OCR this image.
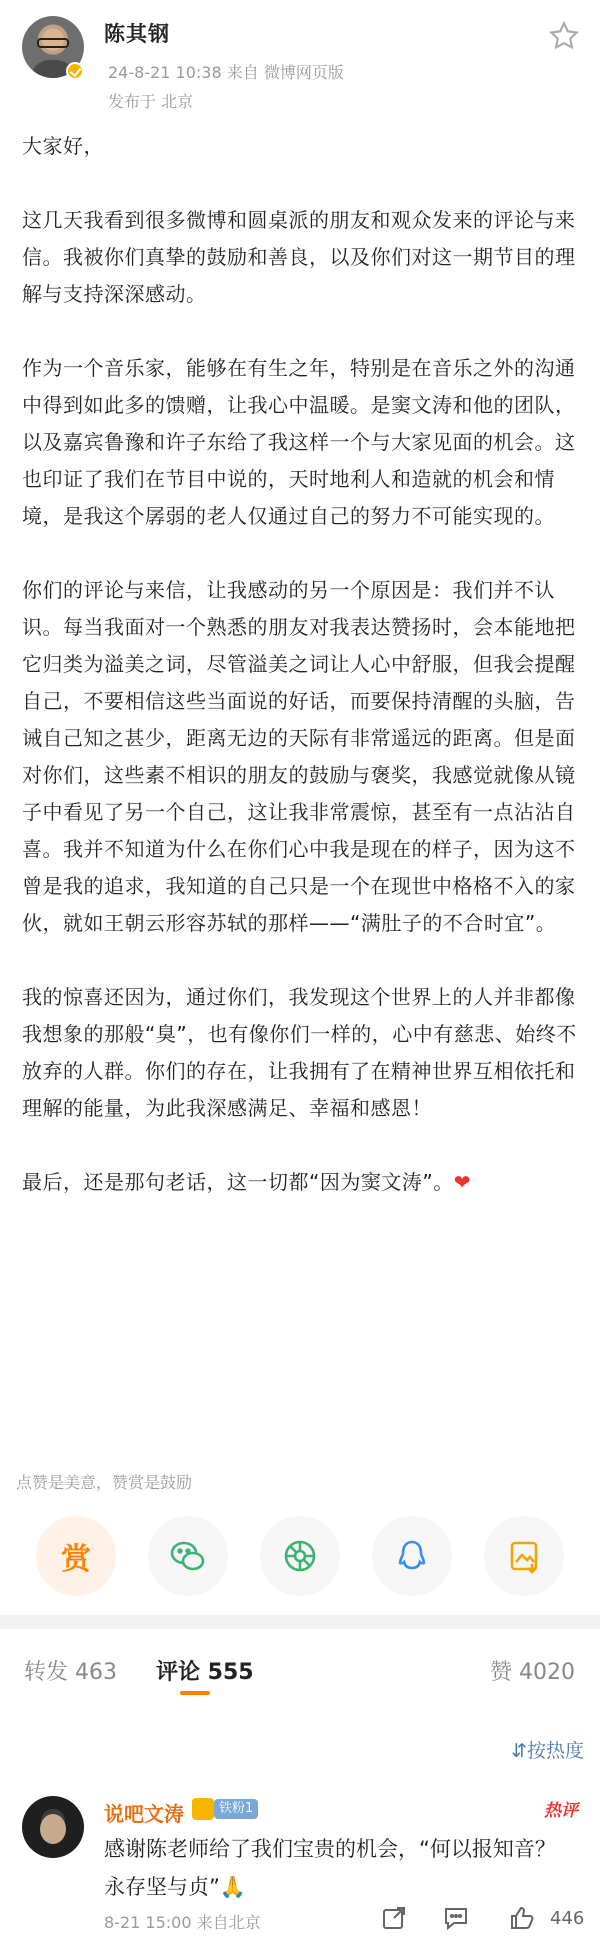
陈其钢
24-8-21 10:38 来自 微博网页版
发布于 北京

大家好，

这几天我看到很多微博和圆桌派的朋友和观众发来的评论与来信。我被你们真挚的鼓励和善良，以及你们对这一期节目的理解与支持深深感动。

作为一个音乐家，能够在有生之年，特别是在音乐之外的沟通中得到如此多的馈赠，让我心中温暖。是窦文涛和他的团队，以及嘉宾鲁豫和许子东给了我这样一个与大家见面的机会。这也印证了我们在节目中说的，天时地利人和造就的机会和情境，是我这个孱弱的老人仅通过自己的努力不可能实现的。

你们的评论与来信，让我感动的另一个原因是：我们并不认识。每当我面对一个熟悉的朋友对我表达赞扬时，会本能地把它归类为溢美之词，尽管溢美之词让人心中舒服，但我会提醒自己，不要相信这些当面说的好话，而要保持清醒的头脑，告诫自己知之甚少，距离无边的天际有非常遥远的距离。但是面对你们，这些素不相识的朋友的鼓励与褒奖，我感觉就像从镜子中看见了另一个自己，这让我非常震惊，甚至有一点沾沾自喜。我并不知道为什么在你们心中我是现在的样子，因为这不曾是我的追求，我知道的自己只是一个在现世中格格不入的家伙，就如王朝云形容苏轼的那样——“满肚子的不合时宜”。

我的惊喜还因为，通过你们，我发现这个世界上的人并非都像我想象的那般“臭”，也有像你们一样的，心中有慈悲、始终不放弃的人群。你们的存在，让我拥有了在精神世界互相依托和理解的能量，为此我深感满足、幸福和感恩！

最后，还是那句老话，这一切都“因为窦文涛”。❤

点赞是美意，赞赏是鼓励
赏
转发 463 评论 555	赞 4020
⇵按热度
说吧文涛	铁粉1	热评
感谢陈老师给了我们宝贵的机会，“何以报知音？永存坚与贞”🙏
8-21 15:00 来自北京	446
